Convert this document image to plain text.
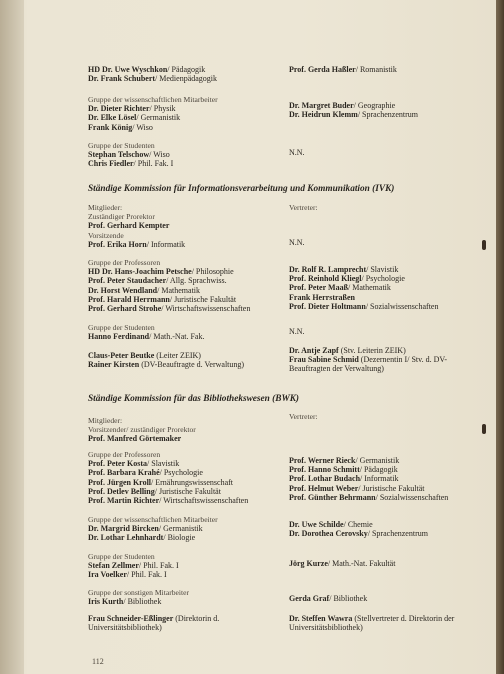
HD Dr. Uwe Wyschkon/ Pädagogik
Dr. Frank Schubert/ Medienpädagogik
Prof. Gerda Haßler/ Romanistik
Gruppe der wissenschaftlichen Mitarbeiter
Dr. Dieter Richter/ Physik
Dr. Elke Lösel/ Germanistik
Frank König/ Wiso
Dr. Margret Buder/ Geographie
Dr. Heidrun Klemm/ Sprachenzentrum
Gruppe der Studenten
Stephan Telschow/ Wiso
Chris Fiedler/ Phil. Fak. I
N.N.
Ständige Kommission für Informationsverarbeitung und Kommunikation (IVK)
Mitglieder:
Zuständiger Prorektor
Prof. Gerhard Kempter
Vorsitzende
Prof. Erika Horn/ Informatik
Vertreter:
N.N.
Gruppe der Professoren
HD Dr. Hans-Joachim Petsche/ Philosophie
Prof. Peter Staudacher/ Allg. Sprachwiss.
Dr. Horst Wendland/ Mathematik
Prof. Harald Herrmann/ Juristische Fakultät
Prof. Gerhard Strohe/ Wirtschaftswissenschaften
Dr. Rolf R. Lamprecht/ Slavistik
Prof. Reinhold Kliegl/ Psychologie
Prof. Peter Maaß/ Mathematik
Frank Herrstraßen
Prof. Dieter Holtmann/ Sozialwissenschaften
Gruppe der Studenten
Hanno Ferdinand/ Math.-Nat. Fak.
N.N.
Claus-Peter Beutke (Leiter ZEIK)
Rainer Kirsten (DV-Beauftragte d. Verwaltung)
Dr. Antje Zapf (Stv. Leiterin ZEIK)
Frau Sabine Schmid (Dezernentin I/ Stv. d. DV-
Beauftragten der Verwaltung)
Ständige Kommission für das Bibliothekswesen (BWK)
Mitglieder:
Vorsitzender/ zuständiger Prorektor
Prof. Manfred Görtemaker
Vertreter:
Gruppe der Professoren
Prof. Peter Kosta/ Slavistik
Prof. Barbara Krahé/ Psychologie
Prof. Jürgen Kroll/ Ernährungswissenschaft
Prof. Detlev Belling/ Juristische Fakultät
Prof. Martin Richter/ Wirtschaftswissenschaften
Prof. Werner Rieck/ Germanistik
Prof. Hanno Schmitt/ Pädagogik
Prof. Lothar Budach/ Informatik
Prof. Helmut Weber/ Juristische Fakultät
Prof. Günther Behrmann/ Sozialwissenschaften
Gruppe der wissenschaftlichen Mitarbeiter
Dr. Margrid Bircken/ Germanistik
Dr. Lothar Lehnhardt/ Biologie
Dr. Uwe Schilde/ Chemie
Dr. Dorothea Cerovsky/ Sprachenzentrum
Gruppe der Studenten
Stefan Zellmer/ Phil. Fak. I
Ira Voelker/ Phil. Fak. I
Jörg Kurze/ Math.-Nat. Fakultät
Gruppe der sonstigen Mitarbeiter
Iris Kurth/ Bibliothek	Gerda Graf/ Bibliothek
Frau Schneider-Eßlinger (Direktorin d.
Universitätsbibliothek)
Dr. Steffen Wawra (Stellvertreter d. Direktorin der
Universitätsbibliothek)
112
